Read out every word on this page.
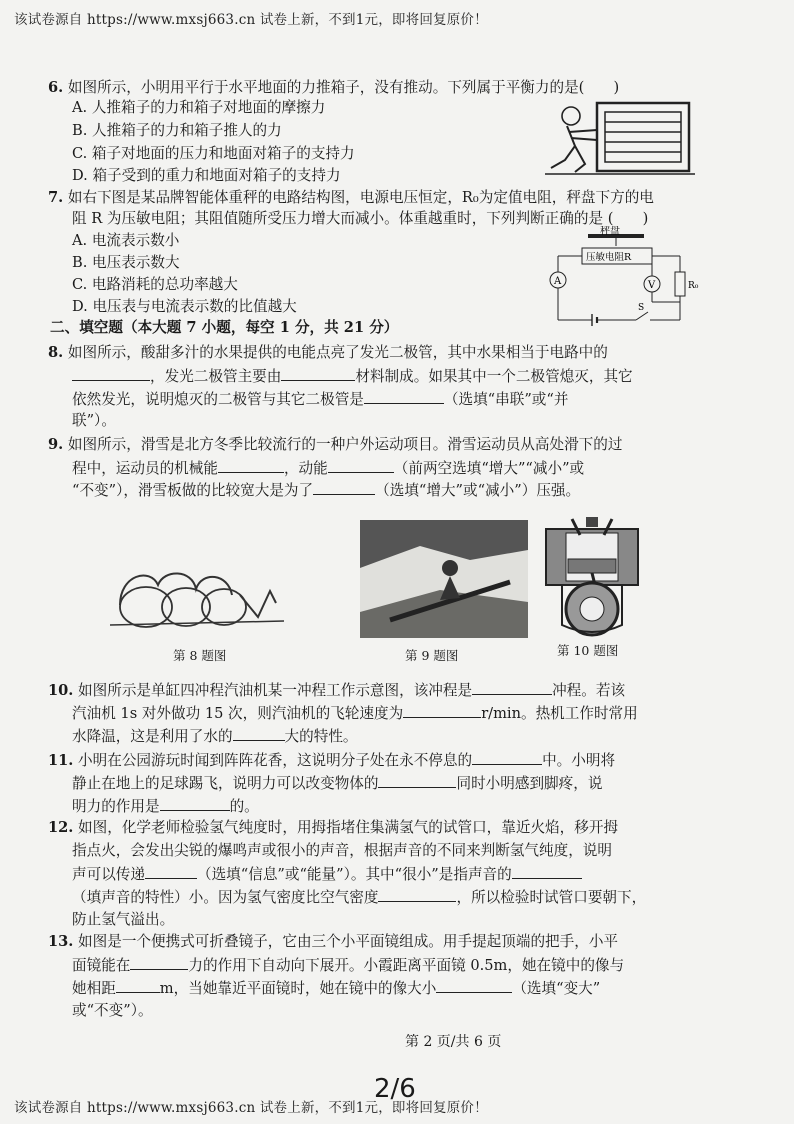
该试卷源自 https://www.mxsj663.cn 试卷上新，不到1元，即将回复原价！
6. 如图所示，小明用平行于水平地面的力推箱子，没有推动。下列属于平衡力的是(　　)
A. 人推箱子的力和箱子对地面的摩擦力
B. 人推箱子的力和箱子推人的力
C. 箱子对地面的压力和地面对箱子的支持力
D. 箱子受到的重力和地面对箱子的支持力
7. 如右下图是某品牌智能体重秤的电路结构图，电源电压恒定，R₀为定值电阻，秤盘下方的电
阻 R 为压敏电阻；其阻值随所受压力增大而减小。体重越重时，下列判断正确的是 (　　)
A. 电流表示数小
B. 电压表示数大
C. 电路消耗的总功率越大
D. 电压表与电流表示数的比值越大
秤盘
压敏电阻R
A	V	R₀
S
二、填空题（本大题 7 小题，每空 1 分，共 21 分）
8. 如图所示，酸甜多汁的水果提供的电能点亮了发光二极管，其中水果相当于电路中的
，发光二极管主要由	材料制成。如果其中一个二极管熄灭，其它
依然发光，说明熄灭的二极管与其它二极管是	（选填“串联”或“并
联”）。
9. 如图所示，滑雪是北方冬季比较流行的一种户外运动项目。滑雪运动员从高处滑下的过
程中，运动员的机械能	，动能	（前两空选填“增大”“减小”或
“不变”），滑雪板做的比较宽大是为了	（选填“增大”或“减小”）压强。
第 8 题图	第 9 题图	第 10 题图
10. 如图所示是单缸四冲程汽油机某一冲程工作示意图，该冲程是	冲程。若该
汽油机 1s 对外做功 15 次，则汽油机的飞轮速度为	r/min。热机工作时常用
水降温，这是利用了水的	大的特性。
11. 小明在公园游玩时闻到阵阵花香，这说明分子处在永不停息的	中。小明将
静止在地上的足球踢飞，说明力可以改变物体的	同时小明感到脚疼，说
明力的作用是	的。
12. 如图，化学老师检验氢气纯度时，用拇指堵住集满氢气的试管口，靠近火焰，移开拇
指点火，会发出尖锐的爆鸣声或很小的声音，根据声音的不同来判断氢气纯度，说明
声可以传递	（选填“信息”或“能量”）。其中“很小”是指声音的
（填声音的特性）小。因为氢气密度比空气密度	，所以检验时试管口要朝下，
防止氢气溢出。
13. 如图是一个便携式可折叠镜子，它由三个小平面镜组成。用手提起顶端的把手，小平
面镜能在	力的作用下自动向下展开。小霞距离平面镜 0.5m，她在镜中的像与
她相距	m，当她靠近平面镜时，她在镜中的像大小	（选填“变大”
或“不变”）。
第 2 页/共 6 页
2/6
该试卷源自 https://www.mxsj663.cn 试卷上新，不到1元，即将回复原价！
